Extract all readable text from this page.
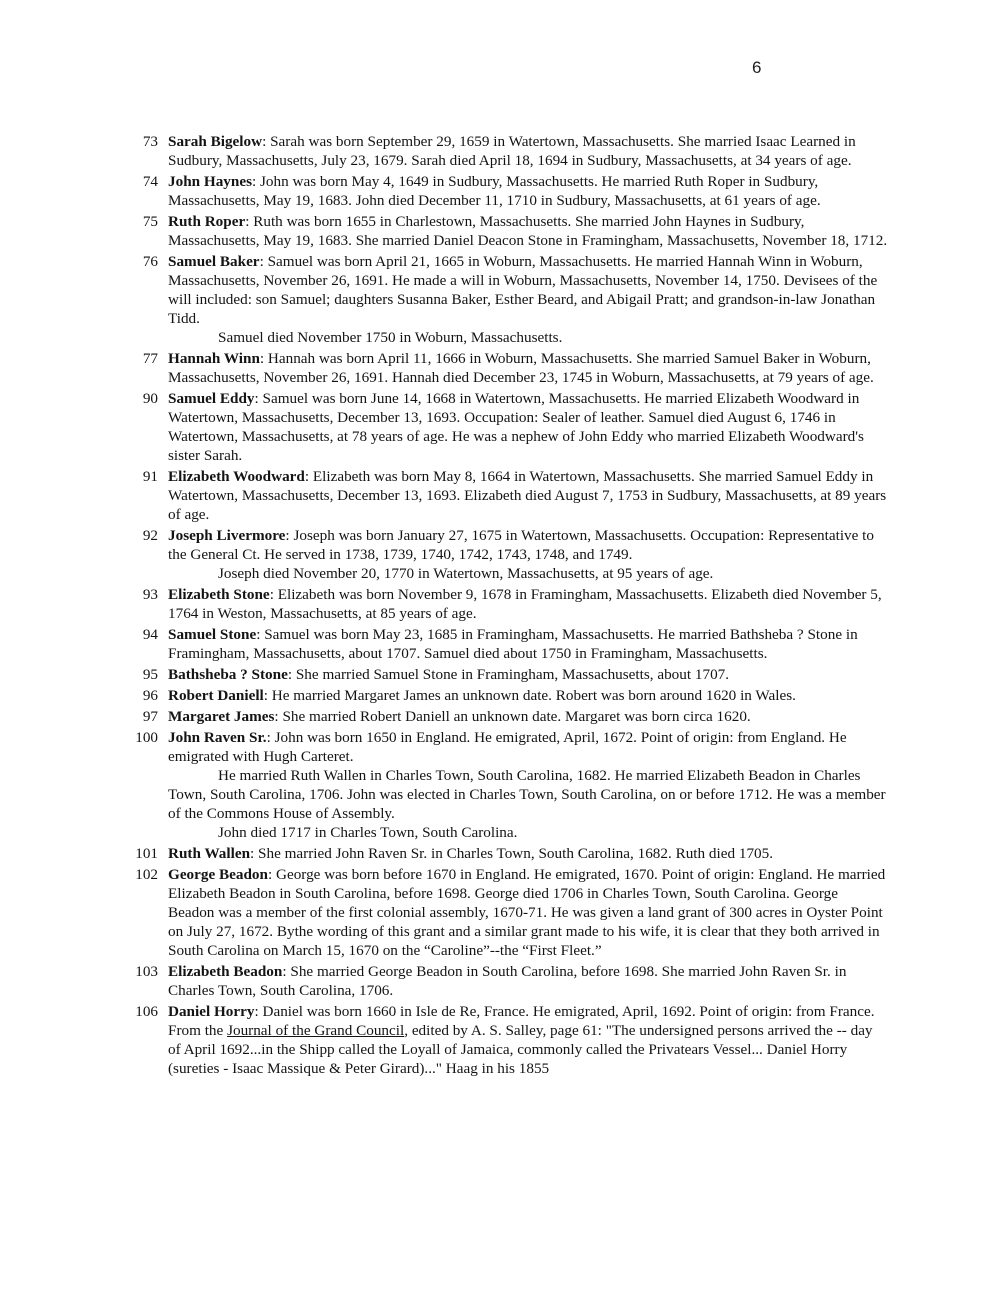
6
73 Sarah Bigelow: Sarah was born September 29, 1659 in Watertown, Massachusetts. She married Isaac Learned in Sudbury, Massachusetts, July 23, 1679. Sarah died April 18, 1694 in Sudbury, Massachusetts, at 34 years of age.

74 John Haynes: John was born May 4, 1649 in Sudbury, Massachusetts. He married Ruth Roper in Sudbury, Massachusetts, May 19, 1683. John died December 11, 1710 in Sudbury, Massachusetts, at 61 years of age.

75 Ruth Roper: Ruth was born 1655 in Charlestown, Massachusetts. She married John Haynes in Sudbury, Massachusetts, May 19, 1683. She married Daniel Deacon Stone in Framingham, Massachusetts, November 18, 1712.

76 Samuel Baker: Samuel was born April 21, 1665 in Woburn, Massachusetts. He married Hannah Winn in Woburn, Massachusetts, November 26, 1691. He made a will in Woburn, Massachusetts, November 14, 1750. Devisees of the will included: son Samuel; daughters Susanna Baker, Esther Beard, and Abigail Pratt; and grandson-in-law Jonathan Tidd.

Samuel died November 1750 in Woburn, Massachusetts.

77 Hannah Winn: Hannah was born April 11, 1666 in Woburn, Massachusetts. She married Samuel Baker in Woburn, Massachusetts, November 26, 1691. Hannah died December 23, 1745 in Woburn, Massachusetts, at 79 years of age.

90 Samuel Eddy: Samuel was born June 14, 1668 in Watertown, Massachusetts. He married Elizabeth Woodward in Watertown, Massachusetts, December 13, 1693. Occupation: Sealer of leather. Samuel died August 6, 1746 in Watertown, Massachusetts, at 78 years of age. He was a nephew of John Eddy who married Elizabeth Woodward's sister Sarah.

91 Elizabeth Woodward: Elizabeth was born May 8, 1664 in Watertown, Massachusetts. She married Samuel Eddy in Watertown, Massachusetts, December 13, 1693. Elizabeth died August 7, 1753 in Sudbury, Massachusetts, at 89 years of age.

92 Joseph Livermore: Joseph was born January 27, 1675 in Watertown, Massachusetts. Occupation: Representative to the General Ct. He served in 1738, 1739, 1740, 1742, 1743, 1748, and 1749.

Joseph died November 20, 1770 in Watertown, Massachusetts, at 95 years of age.

93 Elizabeth Stone: Elizabeth was born November 9, 1678 in Framingham, Massachusetts. Elizabeth died November 5, 1764 in Weston, Massachusetts, at 85 years of age.

94 Samuel Stone: Samuel was born May 23, 1685 in Framingham, Massachusetts. He married Bathsheba ? Stone in Framingham, Massachusetts, about 1707. Samuel died about 1750 in Framingham, Massachusetts.

95 Bathsheba ? Stone: She married Samuel Stone in Framingham, Massachusetts, about 1707.

96 Robert Daniell: He married Margaret James an unknown date. Robert was born around 1620 in Wales.

97 Margaret James: She married Robert Daniell an unknown date. Margaret was born circa 1620.

100 John Raven Sr.: John was born 1650 in England. He emigrated, April, 1672. Point of origin: from England. He emigrated with Hugh Carteret.

He married Ruth Wallen in Charles Town, South Carolina, 1682. He married Elizabeth Beadon in Charles Town, South Carolina, 1706. John was elected in Charles Town, South Carolina, on or before 1712. He was a member of the Commons House of Assembly.

John died 1717 in Charles Town, South Carolina.

101 Ruth Wallen: She married John Raven Sr. in Charles Town, South Carolina, 1682. Ruth died 1705.

102 George Beadon: George was born before 1670 in England. He emigrated, 1670. Point of origin: England. He married Elizabeth Beadon in South Carolina, before 1698. George died 1706 in Charles Town, South Carolina. George Beadon was a member of the first colonial assembly, 1670-71. He was given a land grant of 300 acres in Oyster Point on July 27, 1672. Bythe wording of this grant and a similar grant made to his wife, it is clear that they both arrived in South Carolina on March 15, 1670 on the “Caroline”--the “First Fleet.”

103 Elizabeth Beadon: She married George Beadon in South Carolina, before 1698. She married John Raven Sr. in Charles Town, South Carolina, 1706.

106 Daniel Horry: Daniel was born 1660 in Isle de Re, France. He emigrated, April, 1692. Point of origin: from France. From the Journal of the Grand Council, edited by A. S. Salley, page 61: "The undersigned persons arrived the -- day of April 1692...in the Shipp called the Loyall of Jamaica, commonly called the Privatears Vessel... Daniel Horry (sureties - Isaac Massique & Peter Girard)..." Haag in his 1855
